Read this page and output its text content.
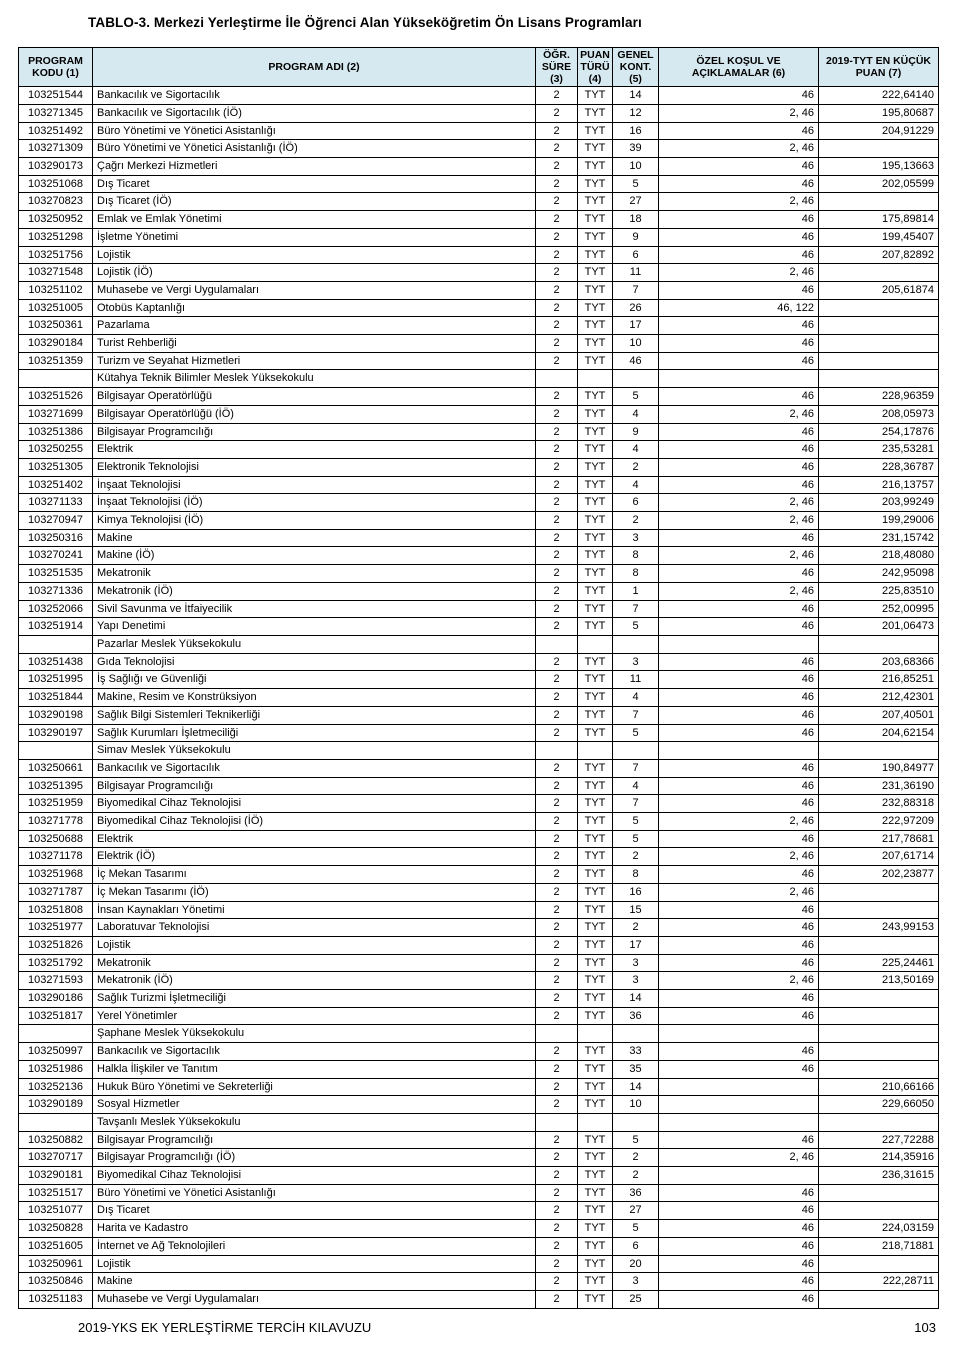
TABLO-3. Merkezi Yerleştirme İle Öğrenci Alan Yükseköğretim Ön Lisans Programları
PROGRAM KODU (1)	PROGRAM ADI (2)	ÖĞR. SÜRE (3)	PUAN TÜRÜ (4)	GENEL KONT. (5)	ÖZEL KOŞUL VE AÇIKLAMALAR (6)	2019-TYT EN KÜÇÜK PUAN (7)
103251544	Bankacılık ve Sigortacılık	2	TYT	14	46	222,64140
103271345	Bankacılık ve Sigortacılık (İÖ)	2	TYT	12	2, 46	195,80687
103251492	Büro Yönetimi ve Yönetici Asistanlığı	2	TYT	16	46	204,91229
103271309	Büro Yönetimi ve Yönetici Asistanlığı (İÖ)	2	TYT	39	2, 46	
103290173	Çağrı Merkezi Hizmetleri	2	TYT	10	46	195,13663
103251068	Dış Ticaret	2	TYT	5	46	202,05599
103270823	Dış Ticaret (İÖ)	2	TYT	27	2, 46	
103250952	Emlak ve Emlak Yönetimi	2	TYT	18	46	175,89814
103251298	İşletme Yönetimi	2	TYT	9	46	199,45407
103251756	Lojistik	2	TYT	6	46	207,82892
103271548	Lojistik (İÖ)	2	TYT	11	2, 46	
103251102	Muhasebe ve Vergi Uygulamaları	2	TYT	7	46	205,61874
103251005	Otobüs Kaptanlığı	2	TYT	26	46, 122	
103250361	Pazarlama	2	TYT	17	46	
103290184	Turist Rehberliği	2	TYT	10	46	
103251359	Turizm ve Seyahat Hizmetleri	2	TYT	46	46	
	Kütahya Teknik Bilimler Meslek Yüksekokulu					
103251526	Bilgisayar Operatörlüğü	2	TYT	5	46	228,96359
103271699	Bilgisayar Operatörlüğü (İÖ)	2	TYT	4	2, 46	208,05973
103251386	Bilgisayar Programcılığı	2	TYT	9	46	254,17876
103250255	Elektrik	2	TYT	4	46	235,53281
103251305	Elektronik Teknolojisi	2	TYT	2	46	228,36787
103251402	İnşaat Teknolojisi	2	TYT	4	46	216,13757
103271133	İnşaat Teknolojisi (İÖ)	2	TYT	6	2, 46	203,99249
103270947	Kimya Teknolojisi (İÖ)	2	TYT	2	2, 46	199,29006
103250316	Makine	2	TYT	3	46	231,15742
103270241	Makine (İÖ)	2	TYT	8	2, 46	218,48080
103251535	Mekatronik	2	TYT	8	46	242,95098
103271336	Mekatronik (İÖ)	2	TYT	1	2, 46	225,83510
103252066	Sivil Savunma ve İtfaiyecilik	2	TYT	7	46	252,00995
103251914	Yapı Denetimi	2	TYT	5	46	201,06473
	Pazarlar Meslek Yüksekokulu					
103251438	Gıda Teknolojisi	2	TYT	3	46	203,68366
103251995	İş Sağlığı ve Güvenliği	2	TYT	11	46	216,85251
103251844	Makine, Resim ve Konstrüksiyon	2	TYT	4	46	212,42301
103290198	Sağlık Bilgi Sistemleri Teknikerliği	2	TYT	7	46	207,40501
103290197	Sağlık Kurumları İşletmeciliği	2	TYT	5	46	204,62154
	Simav Meslek Yüksekokulu					
103250661	Bankacılık ve Sigortacılık	2	TYT	7	46	190,84977
103251395	Bilgisayar Programcılığı	2	TYT	4	46	231,36190
103251959	Biyomedikal Cihaz Teknolojisi	2	TYT	7	46	232,88318
103271778	Biyomedikal Cihaz Teknolojisi (İÖ)	2	TYT	5	2, 46	222,97209
103250688	Elektrik	2	TYT	5	46	217,78681
103271178	Elektrik (İÖ)	2	TYT	2	2, 46	207,61714
103251968	İç Mekan Tasarımı	2	TYT	8	46	202,23877
103271787	İç Mekan Tasarımı (İÖ)	2	TYT	16	2, 46	
103251808	İnsan Kaynakları Yönetimi	2	TYT	15	46	
103251977	Laboratuvar Teknolojisi	2	TYT	2	46	243,99153
103251826	Lojistik	2	TYT	17	46	
103251792	Mekatronik	2	TYT	3	46	225,24461
103271593	Mekatronik (İÖ)	2	TYT	3	2, 46	213,50169
103290186	Sağlık Turizmi İşletmeciliği	2	TYT	14	46	
103251817	Yerel Yönetimler	2	TYT	36	46	
	Şaphane Meslek Yüksekokulu					
103250997	Bankacılık ve Sigortacılık	2	TYT	33	46	
103251986	Halkla İlişkiler ve Tanıtım	2	TYT	35	46	
103252136	Hukuk Büro Yönetimi ve Sekreterliği	2	TYT	14		210,66166
103290189	Sosyal Hizmetler	2	TYT	10		229,66050
	Tavşanlı Meslek Yüksekokulu					
103250882	Bilgisayar Programcılığı	2	TYT	5	46	227,72288
103270717	Bilgisayar Programcılığı (İÖ)	2	TYT	2	2, 46	214,35916
103290181	Biyomedikal Cihaz Teknolojisi	2	TYT	2		236,31615
103251517	Büro Yönetimi ve Yönetici Asistanlığı	2	TYT	36	46	
103251077	Dış Ticaret	2	TYT	27	46	
103250828	Harita ve Kadastro	2	TYT	5	46	224,03159
103251605	İnternet ve Ağ Teknolojileri	2	TYT	6	46	218,71881
103250961	Lojistik	2	TYT	20	46	
103250846	Makine	2	TYT	3	46	222,28711
103251183	Muhasebe ve Vergi Uygulamaları	2	TYT	25	46	
2019-YKS EK YERLEŞTİRME TERCİH KILAVUZU	103
